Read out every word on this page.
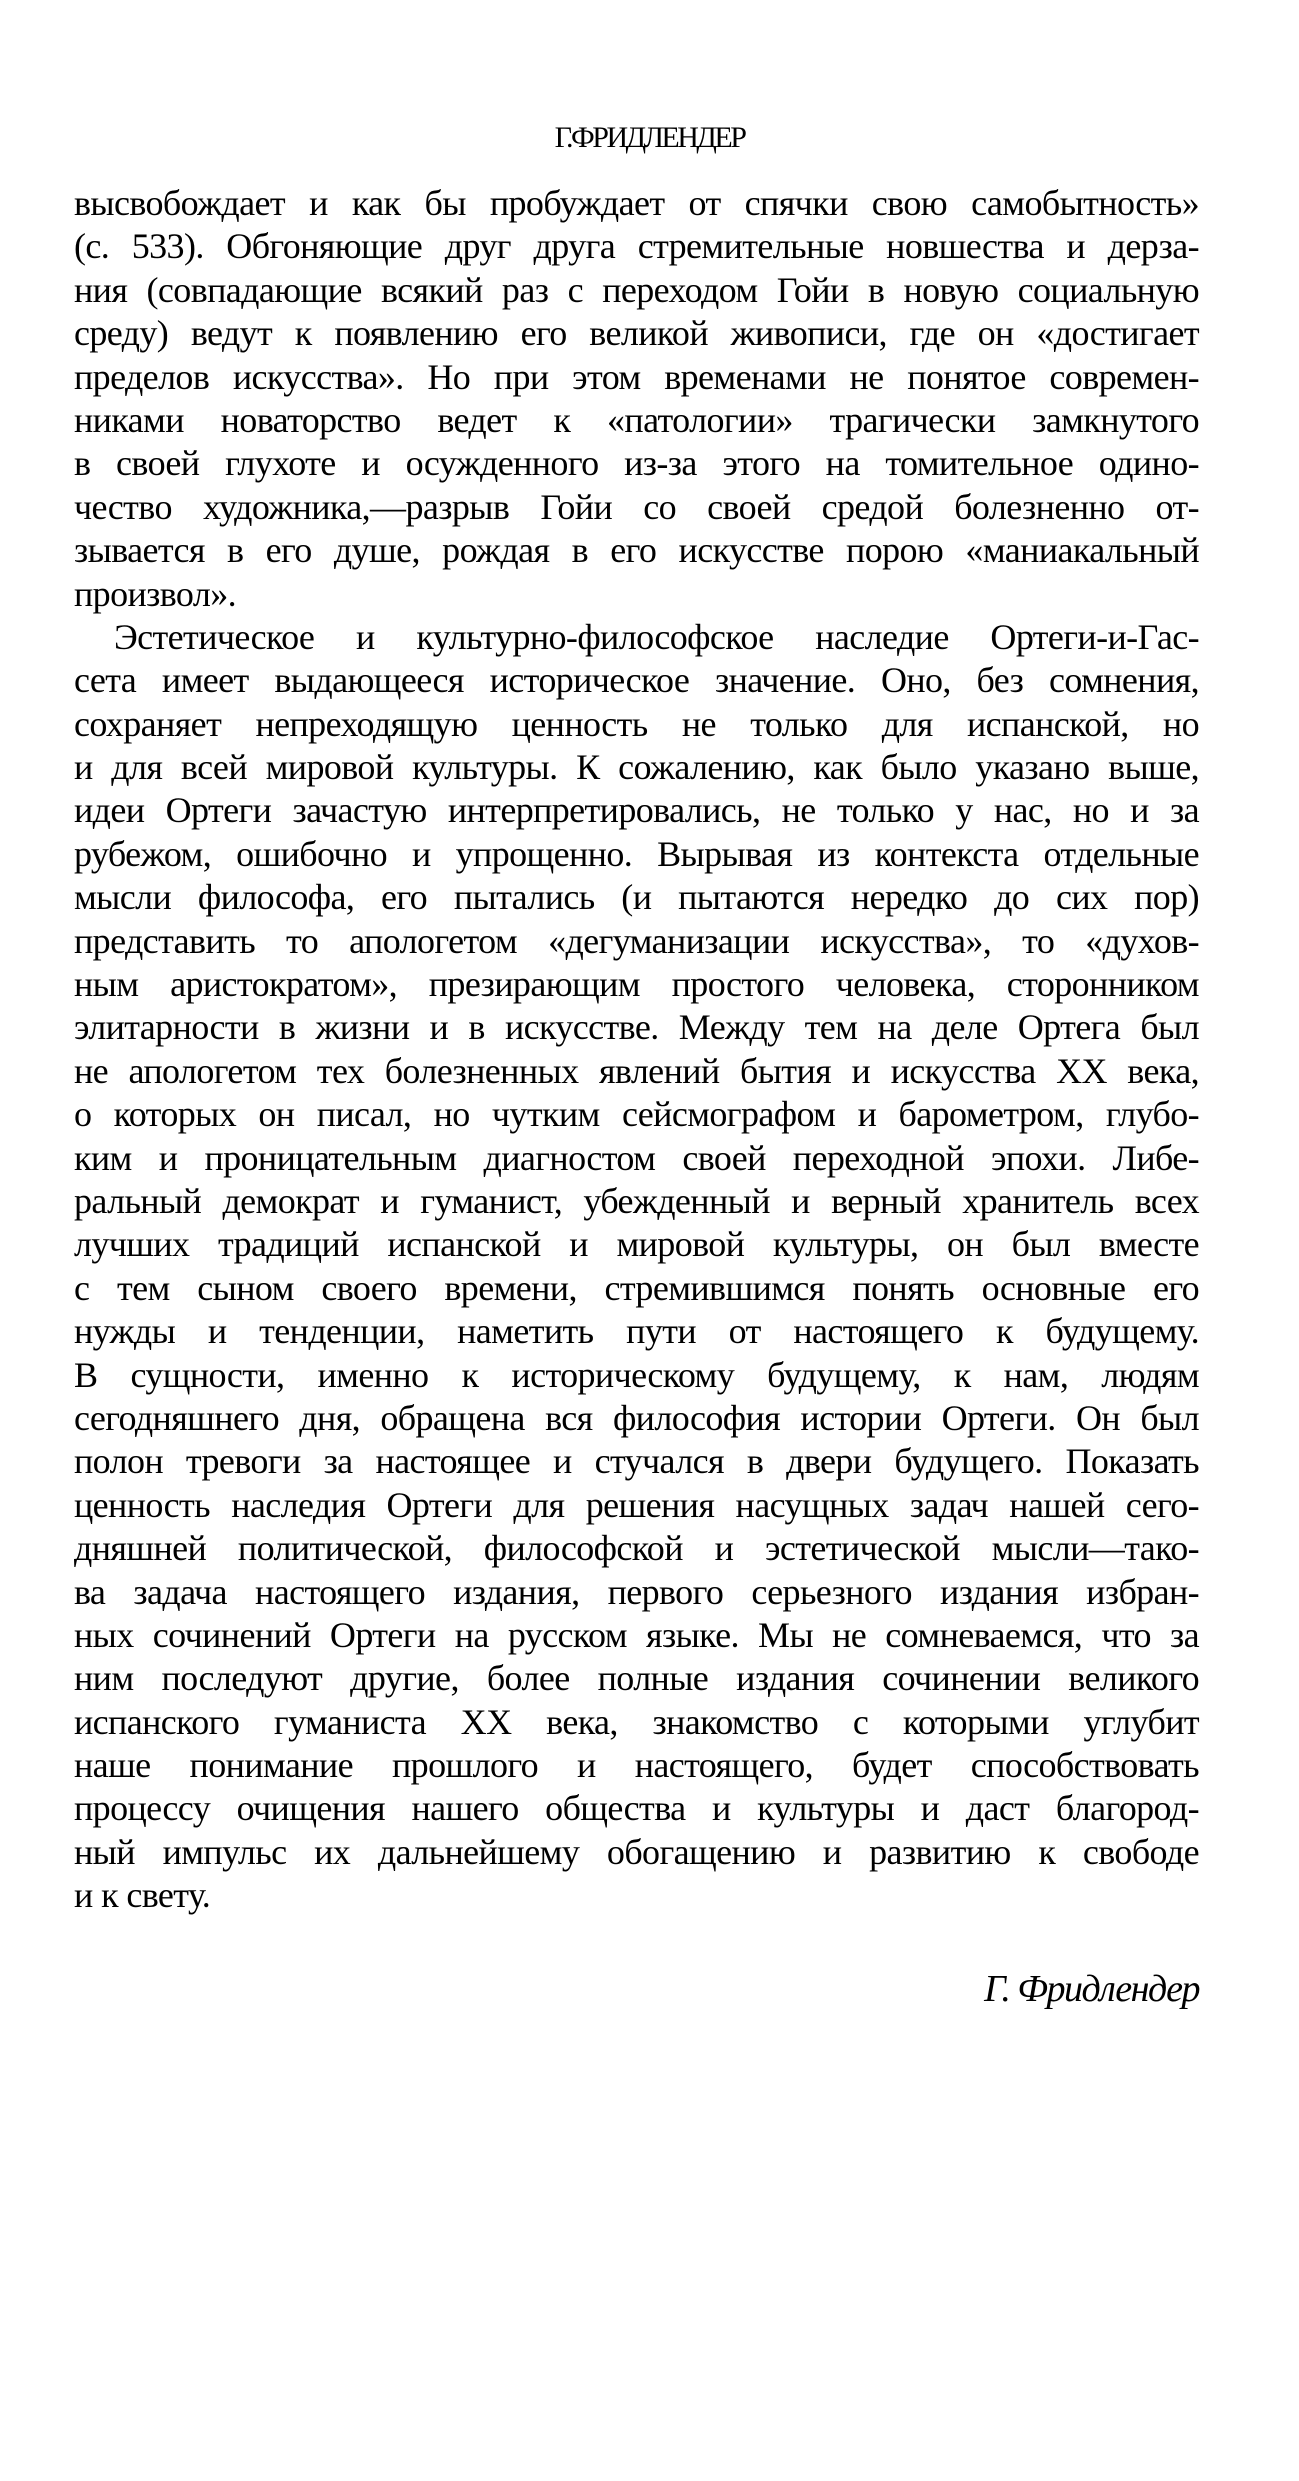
Г.ФРИДЛЕНДЕР
высвобождает и как бы пробуждает от спячки свою самобытность»
(с. 533). Обгоняющие друг друга стремительные новшества и дерза-
ния (совпадающие всякий раз с переходом Гойи в новую социальную
среду) ведут к появлению его великой живописи, где он «достигает
пределов искусства». Но при этом временами не понятое современ-
никами новаторство ведет к «патологии» трагически замкнутого
в своей глухоте и осужденного из-за этого на томительное одино-
чество художника,—разрыв Гойи со своей средой болезненно от-
зывается в его душе, рождая в его искусстве порою «маниакальный
произвол».
Эстетическое и культурно-философское наследие Ортеги-и-Гас-
сета имеет выдающееся историческое значение. Оно, без сомнения,
сохраняет непреходящую ценность не только для испанской, но
и для всей мировой культуры. К сожалению, как было указано выше,
идеи Ортеги зачастую интерпретировались, не только у нас, но и за
рубежом, ошибочно и упрощенно. Вырывая из контекста отдельные
мысли философа, его пытались (и пытаются нередко до сих пор)
представить то апологетом «дегуманизации искусства», то «духов-
ным аристократом», презирающим простого человека, сторонником
элитарности в жизни и в искусстве. Между тем на деле Ортега был
не апологетом тех болезненных явлений бытия и искусства XX века,
о которых он писал, но чутким сейсмографом и барометром, глубо-
ким и проницательным диагностом своей переходной эпохи. Либе-
ральный демократ и гуманист, убежденный и верный хранитель всех
лучших традиций испанской и мировой культуры, он был вместе
с тем сыном своего времени, стремившимся понять основные его
нужды и тенденции, наметить пути от настоящего к будущему.
В сущности, именно к историческому будущему, к нам, людям
сегодняшнего дня, обращена вся философия истории Ортеги. Он был
полон тревоги за настоящее и стучался в двери будущего. Показать
ценность наследия Ортеги для решения насущных задач нашей сего-
дняшней политической, философской и эстетической мысли—тако-
ва задача настоящего издания, первого серьезного издания избран-
ных сочинений Ортеги на русском языке. Мы не сомневаемся, что за
ним последуют другие, более полные издания сочинении великого
испанского гуманиста XX века, знакомство с которыми углубит
наше понимание прошлого и настоящего, будет способствовать
процессу очищения нашего общества и культуры и даст благород-
ный импульс их дальнейшему обогащению и развитию к свободе
и к свету.
Г. Фридлендер
